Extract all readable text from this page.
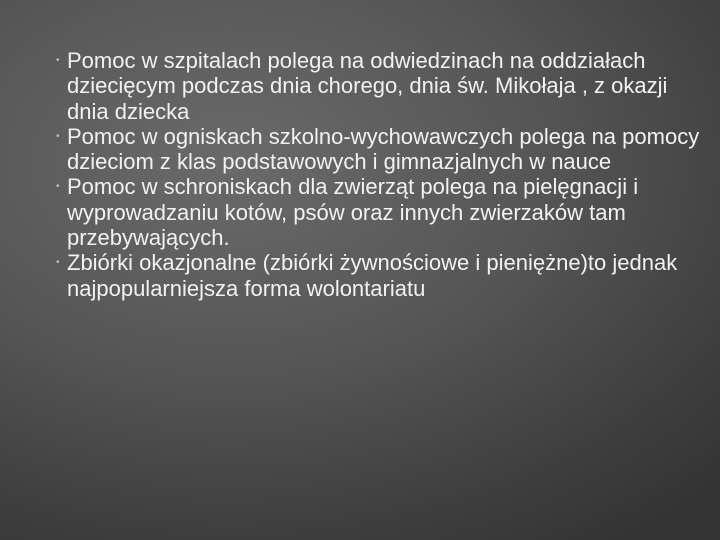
• Pomoc w szpitalach polega na odwiedzinach na oddziałach dziecięcym podczas dnia chorego, dnia św. Mikołaja , z okazji dnia dziecka
• Pomoc w ogniskach szkolno-wychowawczych polega na pomocy dzieciom z klas podstawowych i gimnazjalnych w nauce
• Pomoc w schroniskach dla zwierząt polega na pielęgnacji i wyprowadzaniu kotów, psów oraz innych zwierzaków tam przebywających.
• Zbiórki okazjonalne (zbiórki żywnościowe i pieniężne)to jednak najpopularniejsza forma wolontariatu
